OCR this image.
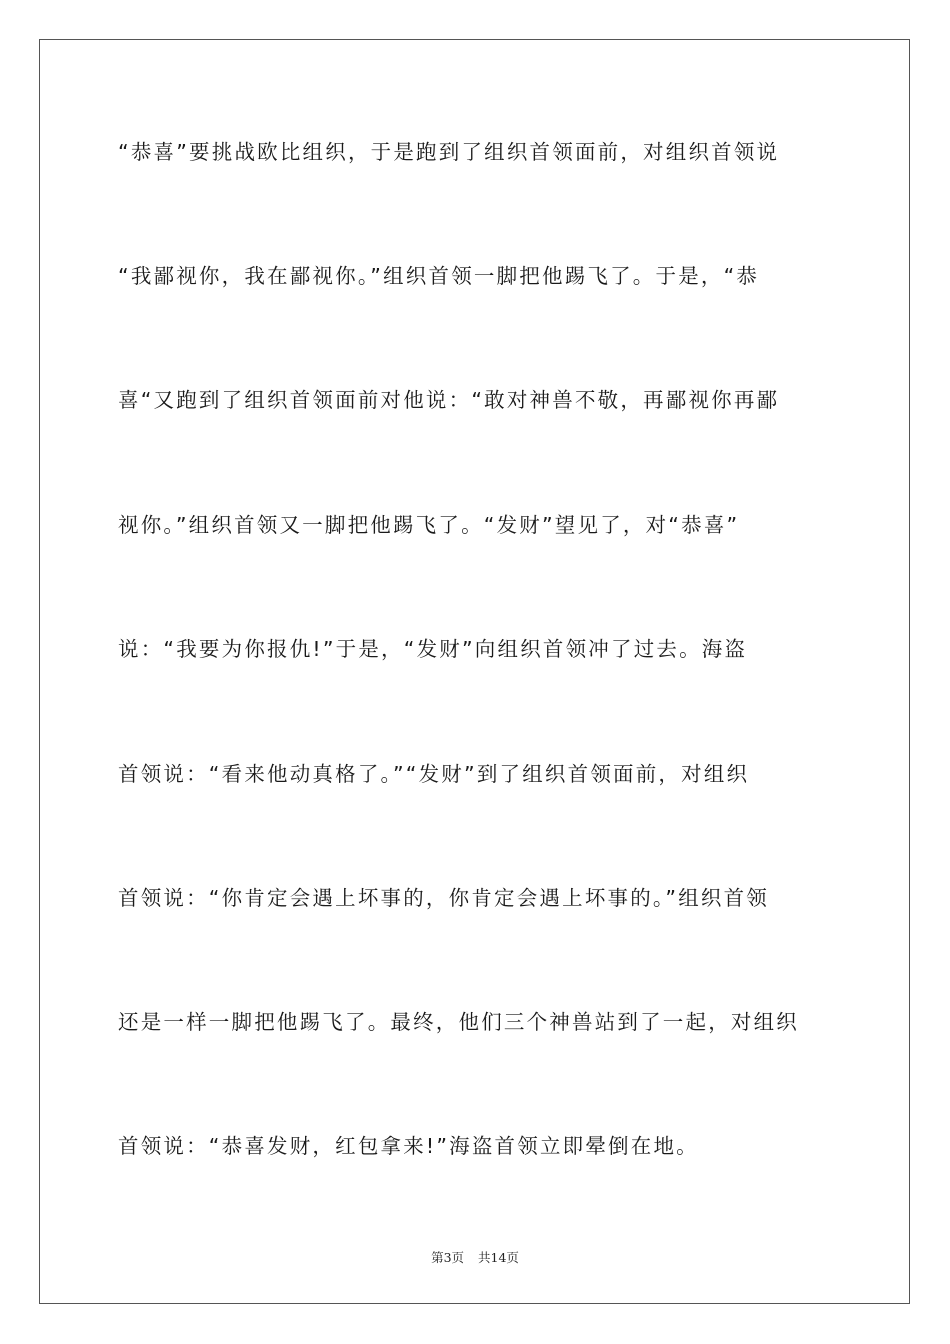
“恭喜”要挑战欧比组织，于是跑到了组织首领面前，对组织首领说
“我鄙视你，我在鄙视你。”组织首领一脚把他踢飞了。于是，“恭
喜“又跑到了组织首领面前对他说：“敢对神兽不敬，再鄙视你再鄙
视你。”组织首领又一脚把他踢飞了。“发财”望见了，对“恭喜”
说：“我要为你报仇!”于是，“发财”向组织首领冲了过去。海盗
首领说：“看来他动真格了。”“发财”到了组织首领面前，对组织
首领说：“你肯定会遇上坏事的，你肯定会遇上坏事的。”组织首领
还是一样一脚把他踢飞了。最终，他们三个神兽站到了一起，对组织
首领说：“恭喜发财，红包拿来!”海盗首领立即晕倒在地。
第3页 共14页
